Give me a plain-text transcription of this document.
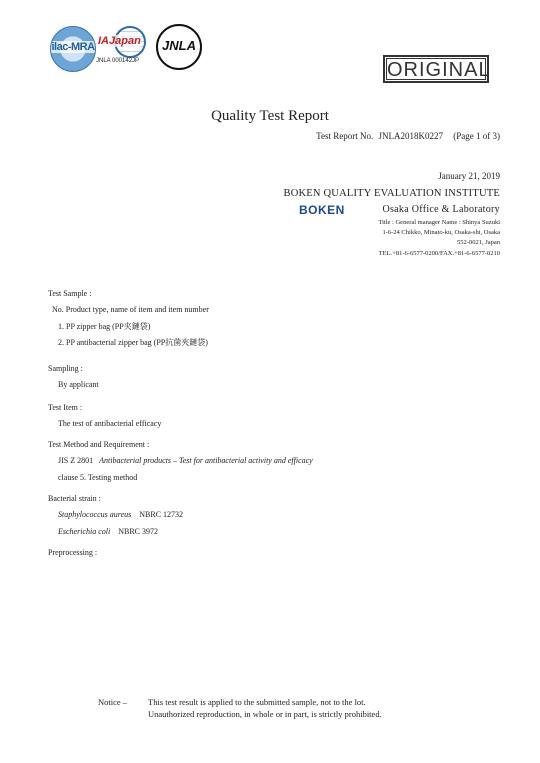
ilac-MRA IAJapan
JNLA 000142JP
JNLA
ORIGINAL
Quality Test Report
Test Report No. JNLA2018K0227 (Page 1 of 3)
January 21, 2019
BOKEN QUALITY EVALUATION INSTITUTE
BOKEN	Osaka Office & Laboratory
Title : General manager Name : Shinya Suzuki
1-6-24 Chikko, Minato-ku, Osaka-shi, Osaka
552-0021, Japan
TEL.+81-6-6577-0200/FAX.+81-6-6577-0210
Test Sample :
No. Product type, name of item and item number
1. PP zipper bag (PP夹鏈袋)
2. PP antibacterial zipper bag (PP抗菌夾鏈袋)
Sampling :
By applicant
Test Item :
The test of antibacterial efficacy
Test Method and Requirement :
JIS Z 2801 Antibacterial products – Test for antibacterial activity and efficacy
clause 5. Testing method
Bacterial strain :
Staphylococcus aureus NBRC 12732
Escherichia coli NBRC 3972
Preprocessing :
Notice – This test result is applied to the submitted sample, not to the lot.
Unauthorized reproduction, in whole or in part, is strictly prohibited.
